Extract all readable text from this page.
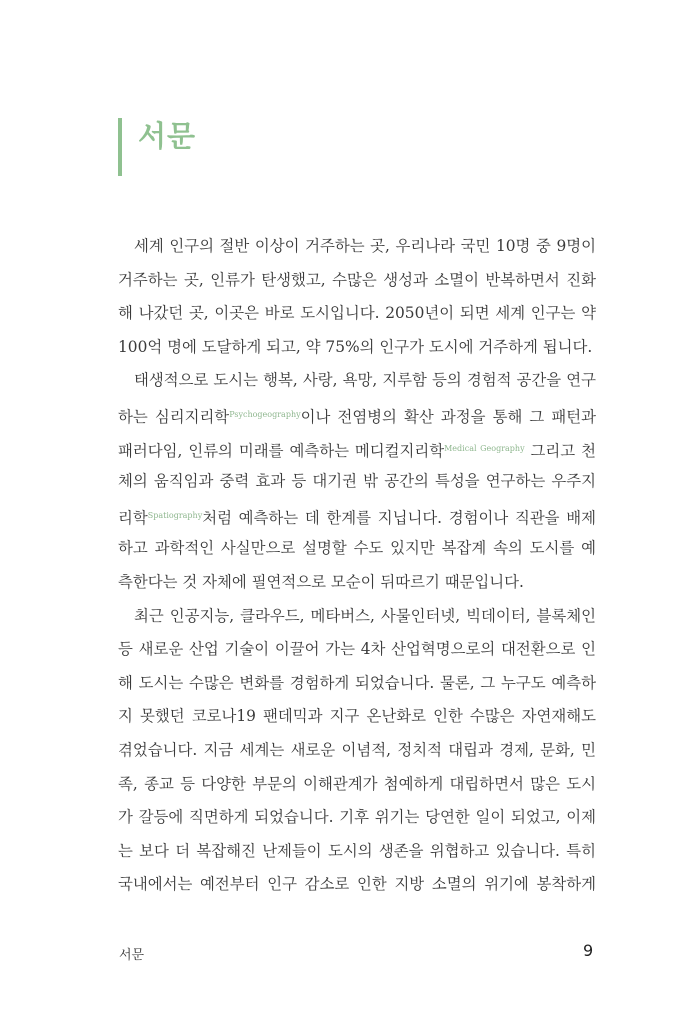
서문
세계 인구의 절반 이상이 거주하는 곳, 우리나라 국민 10명 중 9명이
거주하는 곳, 인류가 탄생했고, 수많은 생성과 소멸이 반복하면서 진화
해 나갔던 곳, 이곳은 바로 도시입니다. 2050년이 되면 세계 인구는 약
100억 명에 도달하게 되고, 약 75%의 인구가 도시에 거주하게 됩니다.
태생적으로 도시는 행복, 사랑, 욕망, 지루함 등의 경험적 공간을 연구
하는 심리지리학$^{Psychogeography}$이나 전염병의 확산 과정을 통해 그 패턴과
패러다임, 인류의 미래를 예측하는 메디컬지리학$^{Medical Geography}$ 그리고 천
체의 움직임과 중력 효과 등 대기권 밖 공간의 특성을 연구하는 우주지
리학$^{Spatiography}$처럼 예측하는 데 한계를 지닙니다. 경험이나 직관을 배제
하고 과학적인 사실만으로 설명할 수도 있지만 복잡계 속의 도시를 예
측한다는 것 자체에 필연적으로 모순이 뒤따르기 때문입니다.
최근 인공지능, 클라우드, 메타버스, 사물인터넷, 빅데이터, 블록체인
등 새로운 산업 기술이 이끌어 가는 4차 산업혁명으로의 대전환으로 인
해 도시는 수많은 변화를 경험하게 되었습니다. 물론, 그 누구도 예측하
지 못했던 코로나19 팬데믹과 지구 온난화로 인한 수많은 자연재해도
겪었습니다. 지금 세계는 새로운 이념적, 정치적 대립과 경제, 문화, 민
족, 종교 등 다양한 부문의 이해관계가 첨예하게 대립하면서 많은 도시
가 갈등에 직면하게 되었습니다. 기후 위기는 당연한 일이 되었고, 이제
는 보다 더 복잡해진 난제들이 도시의 생존을 위협하고 있습니다. 특히
국내에서는 예전부터 인구 감소로 인한 지방 소멸의 위기에 봉착하게
서문	9
